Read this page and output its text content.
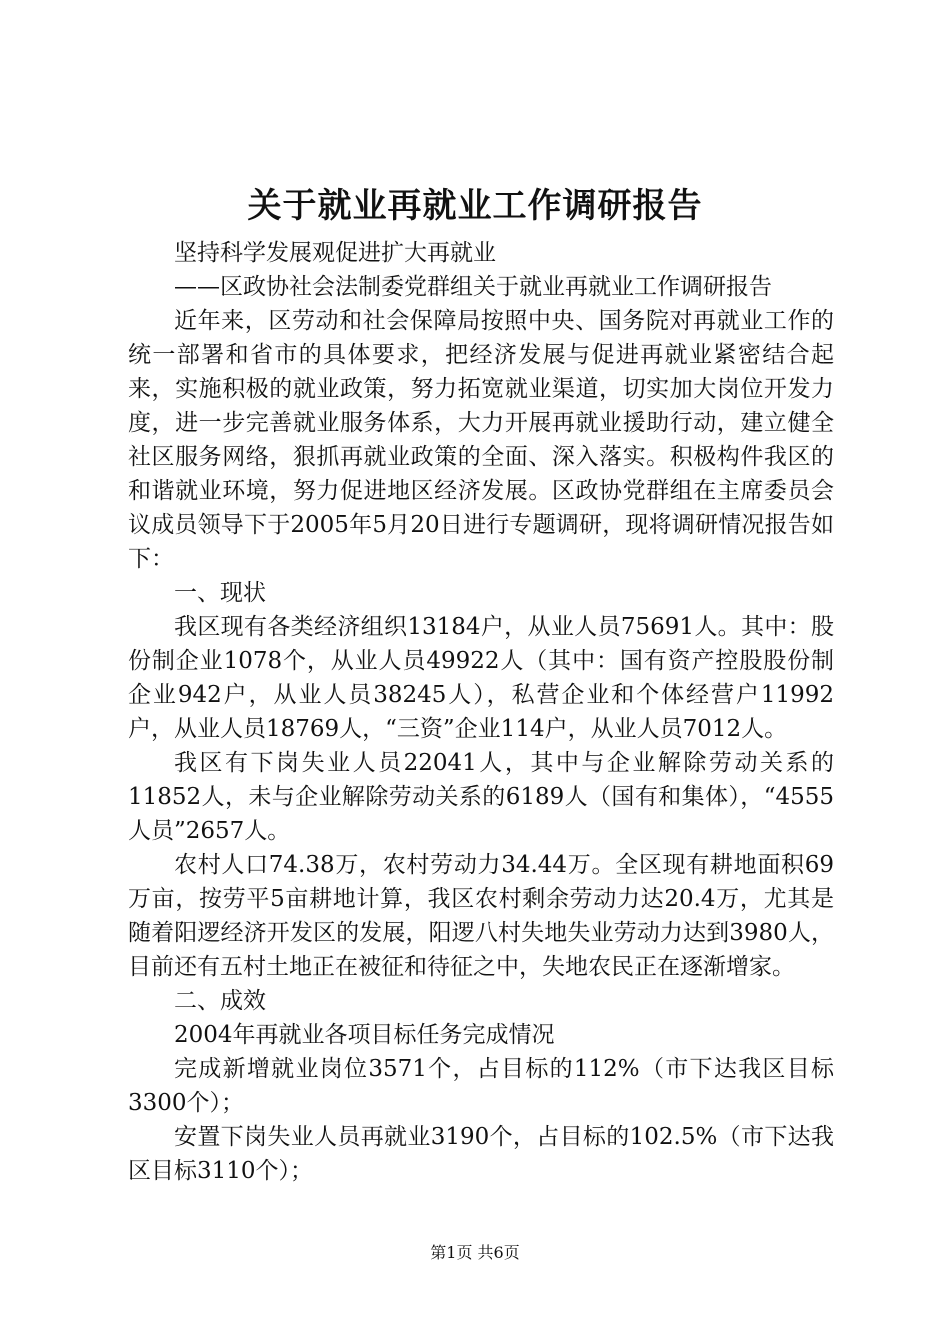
关于就业再就业工作调研报告

坚持科学发展观促进扩大再就业

——区政协社会法制委党群组关于就业再就业工作调研报告

近年来，区劳动和社会保障局按照中央、国务院对再就业工作的统一部署和省市的具体要求，把经济发展与促进再就业紧密结合起来，实施积极的就业政策，努力拓宽就业渠道，切实加大岗位开发力度，进一步完善就业服务体系，大力开展再就业援助行动，建立健全社区服务网络，狠抓再就业政策的全面、深入落实。积极构件我区的和谐就业环境，努力促进地区经济发展。区政协党群组在主席委员会议成员领导下于2005年5月20日进行专题调研，现将调研情况报告如下：

一、现状

我区现有各类经济组织13184户，从业人员75691人。其中：股份制企业1078个，从业人员49922人（其中：国有资产控股股份制企业942户，从业人员38245人），私营企业和个体经营户11992户，从业人员18769人，“三资”企业114户，从业人员7012人。

我区有下岗失业人员22041人，其中与企业解除劳动关系的11852人，未与企业解除劳动关系的6189人（国有和集体），“4555人员”2657人。

农村人口74.38万，农村劳动力34.44万。全区现有耕地面积69万亩，按劳平5亩耕地计算，我区农村剩余劳动力达20.4万，尤其是随着阳逻经济开发区的发展，阳逻八村失地失业劳动力达到3980人，目前还有五村土地正在被征和待征之中，失地农民正在逐渐增家。

二、成效

2004年再就业各项目标任务完成情况

完成新增就业岗位3571个，占目标的112%（市下达我区目标3300个）；

安置下岗失业人员再就业3190个，占目标的102.5%（市下达我区目标3110个）；

第1页 共6页
